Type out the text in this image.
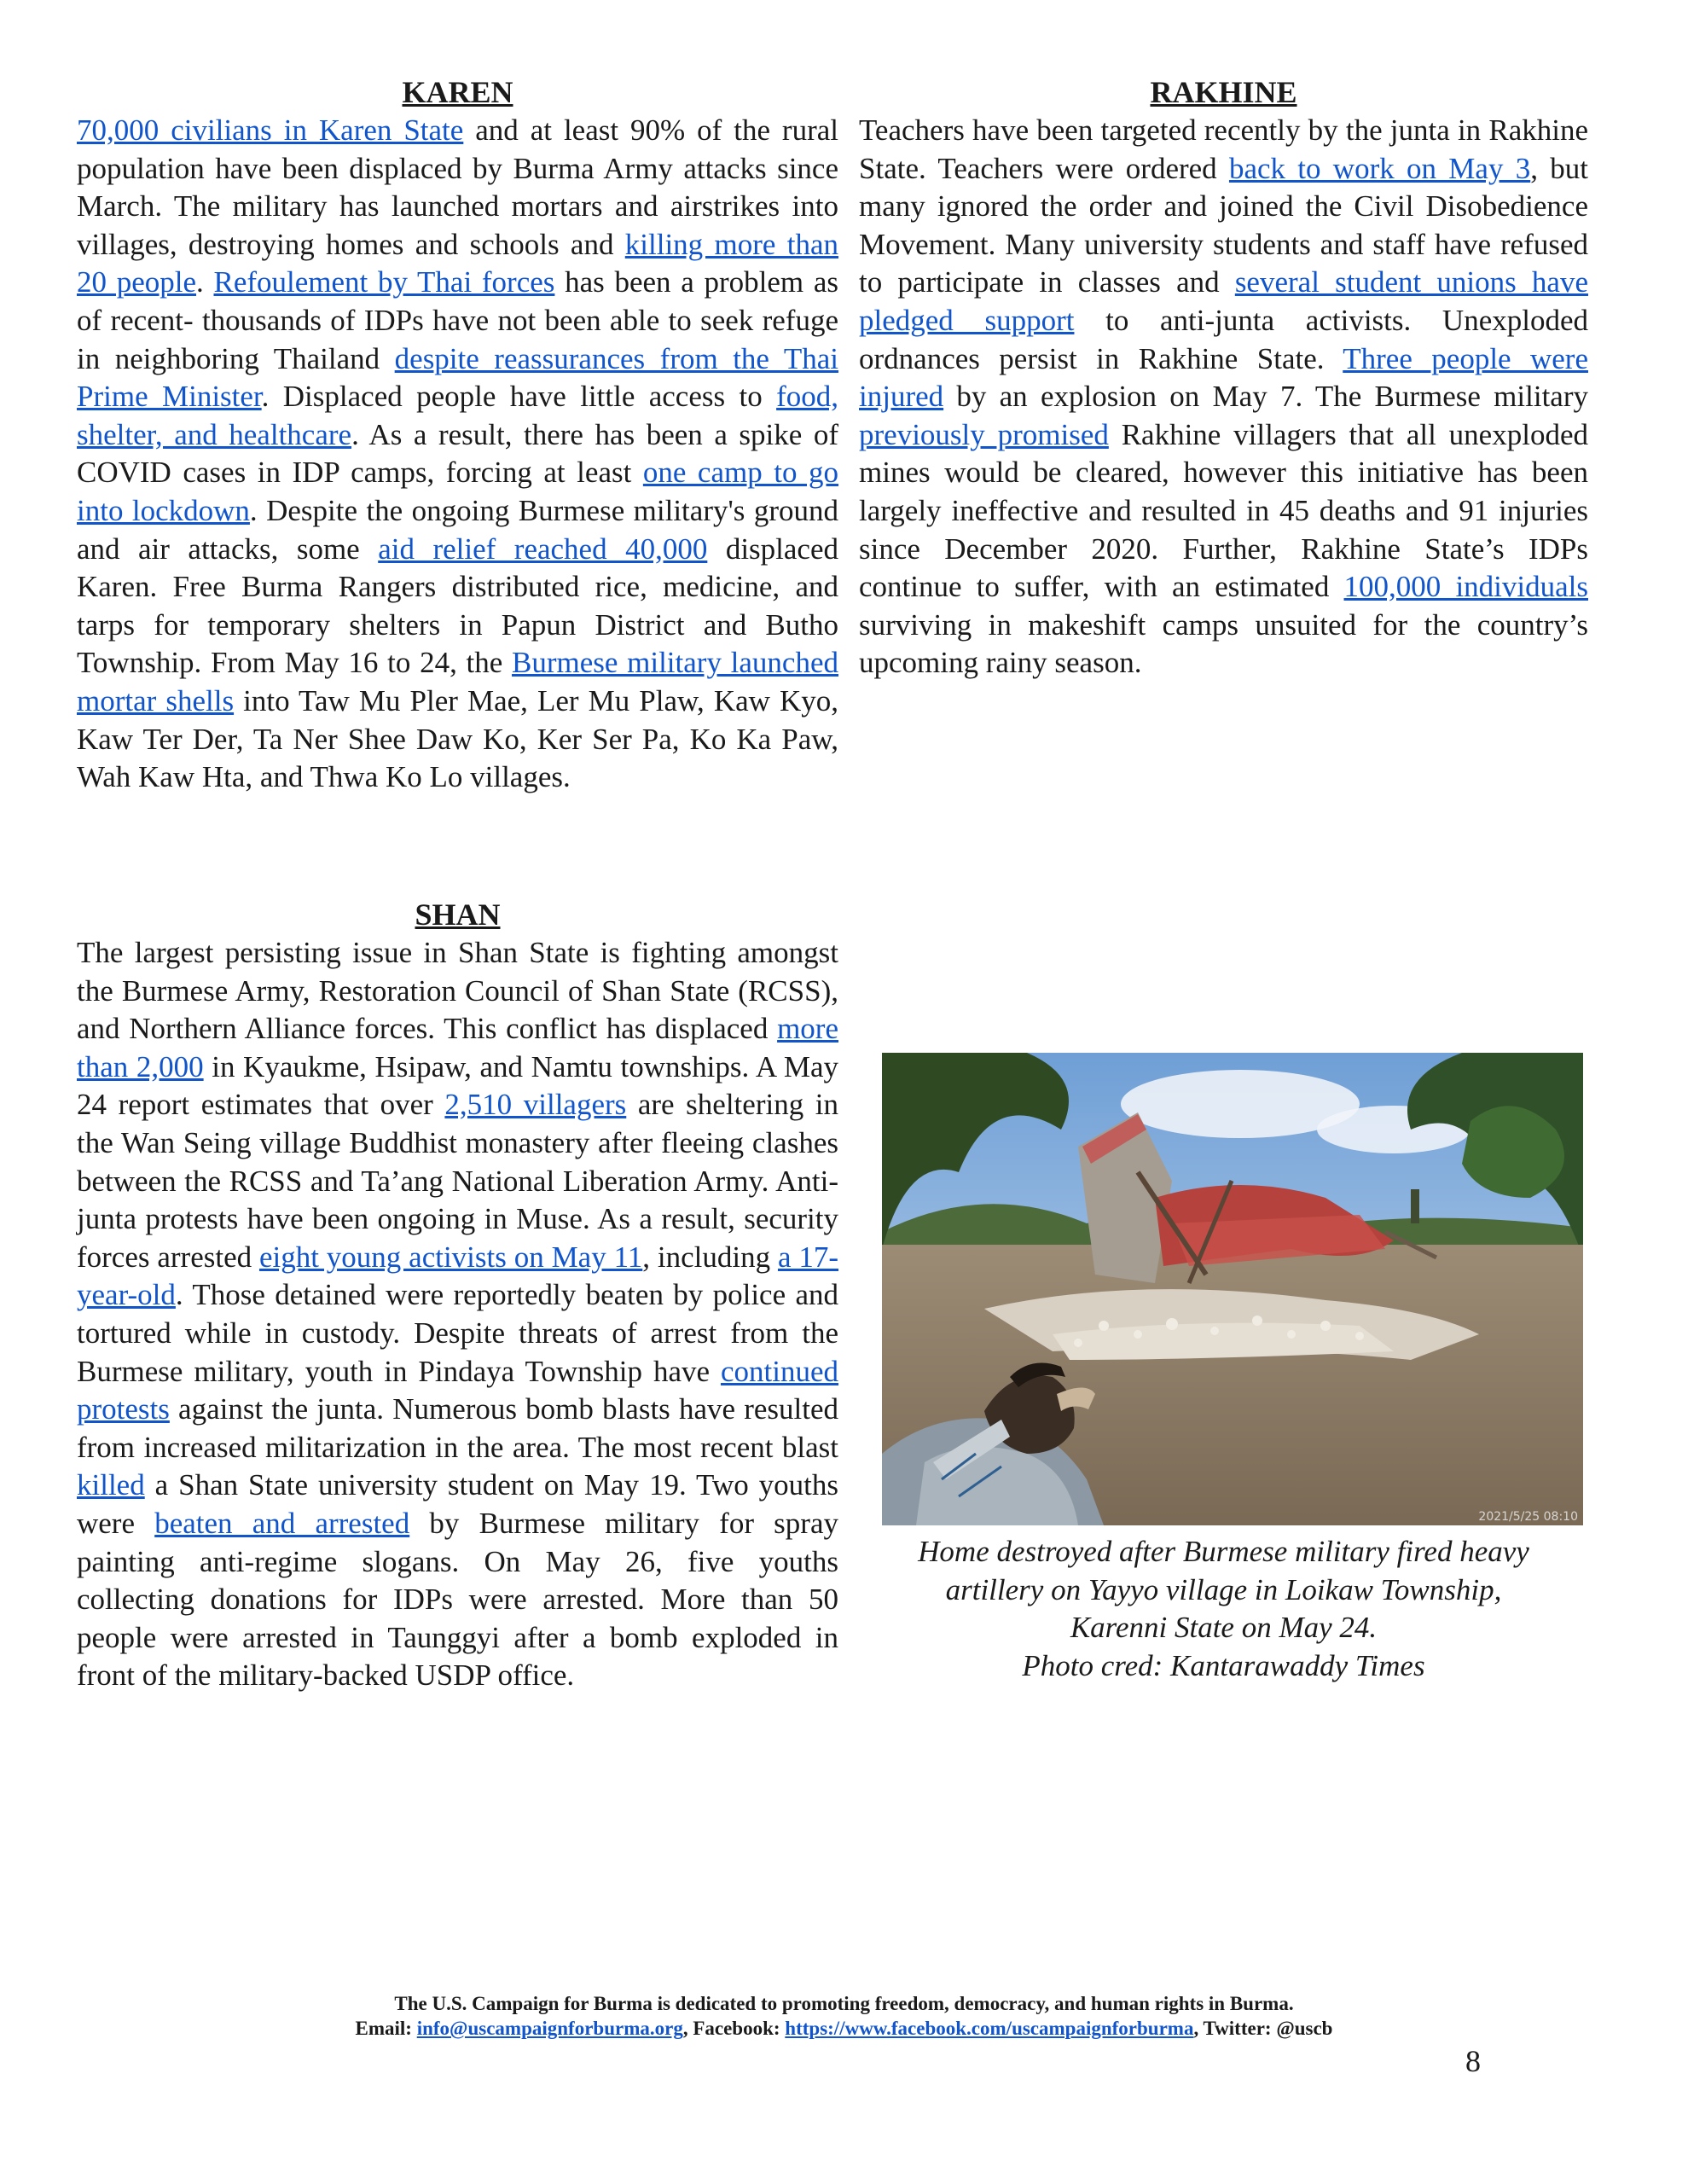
KAREN

70,000 civilians in Karen State and at least 90% of the rural population have been displaced by Burma Army attacks since March. The military has launched mortars and airstrikes into villages, destroying homes and schools and killing more than 20 people. Refoulement by Thai forces has been a problem as of recent- thousands of IDPs have not been able to seek refuge in neighboring Thailand despite reassurances from the Thai Prime Minister. Displaced people have little access to food, shelter, and healthcare. As a result, there has been a spike of COVID cases in IDP camps, forcing at least one camp to go into lockdown. Despite the ongoing Burmese military's ground and air attacks, some aid relief reached 40,000 displaced Karen. Free Burma Rangers distributed rice, medicine, and tarps for temporary shelters in Papun District and Butho Township. From May 16 to 24, the Burmese military launched mortar shells into Taw Mu Pler Mae, Ler Mu Plaw, Kaw Kyo, Kaw Ter Der, Ta Ner Shee Daw Ko, Ker Ser Pa, Ko Ka Paw, Wah Kaw Hta, and Thwa Ko Lo villages.

SHAN

The largest persisting issue in Shan State is fighting amongst the Burmese Army, Restoration Council of Shan State (RCSS), and Northern Alliance forces. This conflict has displaced more than 2,000 in Kyaukme, Hsipaw, and Namtu townships. A May 24 report estimates that over 2,510 villagers are sheltering in the Wan Seing village Buddhist monastery after fleeing clashes between the RCSS and Ta’ang National Liberation Army. Anti-junta protests have been ongoing in Muse. As a result, security forces arrested eight young activists on May 11, including a 17-year-old. Those detained were reportedly beaten by police and tortured while in custody. Despite threats of arrest from the Burmese military, youth in Pindaya Township have continued protests against the junta. Numerous bomb blasts have resulted from increased militarization in the area. The most recent blast killed a Shan State university student on May 19. Two youths were beaten and arrested by Burmese military for spray painting anti-regime slogans. On May 26, five youths collecting donations for IDPs were arrested. More than 50 people were arrested in Taunggyi after a bomb exploded in front of the military-backed USDP office.

RAKHINE

Teachers have been targeted recently by the junta in Rakhine State. Teachers were ordered back to work on May 3, but many ignored the order and joined the Civil Disobedience Movement. Many university students and staff have refused to participate in classes and several student unions have pledged support to anti-junta activists. Unexploded ordnances persist in Rakhine State. Three people were injured by an explosion on May 7. The Burmese military previously promised Rakhine villagers that all unexploded mines would be cleared, however this initiative has been largely ineffective and resulted in 45 deaths and 91 injuries since December 2020. Further, Rakhine State’s IDPs continue to suffer, with an estimated 100,000 individuals surviving in makeshift camps unsuited for the country’s upcoming rainy season.

2021/5/25 08:10
Home destroyed after Burmese military fired heavy
artillery on Yayyo village in Loikaw Township,
Karenni State on May 24.
Photo cred: Kantarawaddy Times
The U.S. Campaign for Burma is dedicated to promoting freedom, democracy, and human rights in Burma.
Email: info@uscampaignforburma.org, Facebook: https://www.facebook.com/uscampaignforburma, Twitter: @uscb
8
